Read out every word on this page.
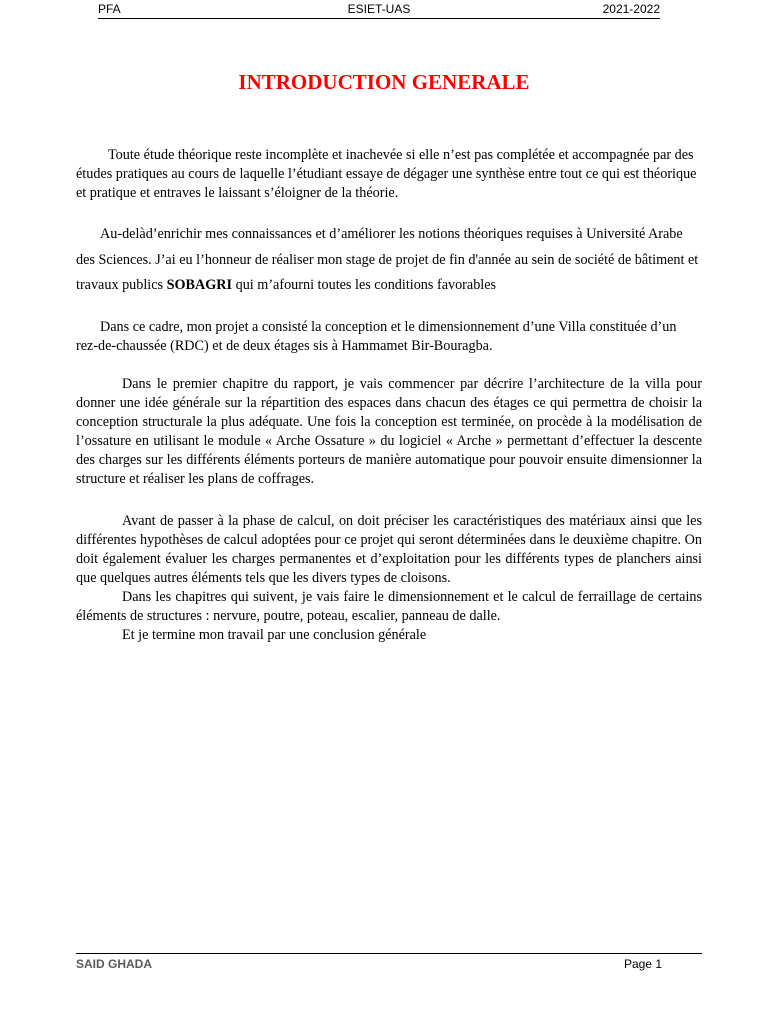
PFA	ESIET-UAS	2021-2022
INTRODUCTION GENERALE

Toute étude théorique reste incomplète et inachevée si elle n’est pas complétée et accompagnée par des études pratiques au cours de laquelle l’étudiant essaye de dégager une synthèse entre tout ce qui est théorique et pratique et entraves le laissant s’éloigner de la théorie.

Au-delàd’enrichir mes connaissances et d’améliorer les notions théoriques requises à Université Arabe des Sciences. J’ai eu l’honneur de réaliser mon stage de projet de fin d'année au sein de société de bâtiment et travaux publics SOBAGRI qui m’afourni toutes les conditions favorables

Dans ce cadre, mon projet a consisté la conception et le dimensionnement d’une Villa constituée d’un rez-de-chaussée (RDC) et de deux étages sis à Hammamet Bir-Bouragba.

Dans le premier chapitre du rapport, je vais commencer par décrire l’architecture de la villa pour donner une idée générale sur la répartition des espaces dans chacun des étages ce qui permettra de choisir la conception structurale la plus adéquate. Une fois la conception est terminée, on procède à la modélisation de l’ossature en utilisant le module « Arche Ossature » du logiciel « Arche » permettant d’effectuer la descente des charges sur les différents éléments porteurs de manière automatique pour pouvoir ensuite dimensionner la structure et réaliser les plans de coffrages.

Avant de passer à la phase de calcul, on doit préciser les caractéristiques des matériaux ainsi que les différentes hypothèses de calcul adoptées pour ce projet qui seront déterminées dans le deuxième chapitre. On doit également évaluer les charges permanentes et d’exploitation pour les différents types de planchers ainsi que quelques autres éléments tels que les divers types de cloisons.

Dans les chapitres qui suivent, je vais faire le dimensionnement et le calcul de ferraillage de certains éléments de structures : nervure, poutre, poteau, escalier, panneau de dalle.

Et je termine mon travail par une conclusion générale

SAID GHADA	Page 1
